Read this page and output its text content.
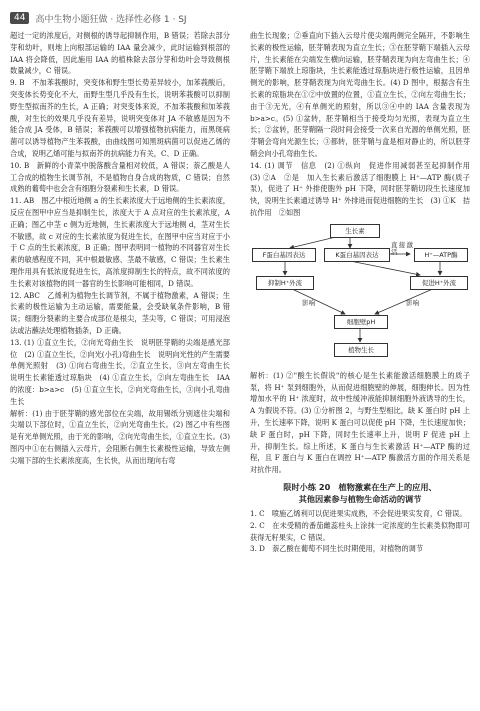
44	高中生物小题狂做 · 选择性必修 1 · SJ

超过一定的浓度后，对侧根的诱导起抑制作用，B 错误；若除去部分芽和幼叶，则地上向根部运输的 IAA 量会减少，此时运输到根部的 IAA 将会降低，因此施用 IAA 的植株除去部分芽和幼叶会导致侧根数量减少，C 错误。

9. B　不加苯莪酸时，突变体和野生型长势差异较小，加苯莪酸后，突变体长势变化不大，而野生型几乎没有生长，说明苯莪酸可以抑制野生型拟南芥的生长，A 正确；对突变体来说，不加苯莪酸和加苯莪酸，对生长的效果几乎没有差异，说明突变体对 JA 不敏感是因为不能合成 JA 受体，B 错误；苯莪酸可以增强植物抗病能力，而黑斑病菌可以诱导植物产生苯莪酸，由曲线图可知黑斑病菌可以促进乙烯的合成，说明乙烯可能与拟南芥的抗病能力有关，C、D 正确。

10. B　新鲜的小青菜中脱落酸含量相对较低，A 错误；萘乙酸是人工合成的植物生长调节剂，不是植物自身合成的物质，C 错误；自然成熟的葡萄中也会含有细胞分裂素和生长素，D 错误。

11. AB　图乙中根近地侧 a 的生长素浓度大于远地侧的生长素浓度，反应在图甲中应当是抑制生长，浓度大于 A 点对应的生长素浓度，A 正确；图乙中茎 c 侧为近地侧，生长素浓度大于远地侧 d，茎对生长不敏感，故 c 对应的生长素浓度为促进生长，在图甲中应当对应于小于 C 点的生长素浓度，B 正确；图甲表明同一植物的不同器官对生长素的敏感程度不同，其中根最敏感、茎最不敏感，C 错误；生长素生理作用具有低浓度促进生长，高浓度抑制生长的特点，故不同浓度的生长素对该植物的同一器官的生长影响可能相同，D 错误。

12. ABC　乙烯利为植物生长调节剂，不属于植物激素，A 错误；生长素的极性运输为主动运输，需要能量，会受缺氧条件影响，B 错误；细胞分裂素的主要合成部位是根尖，茎尖等，C 错误；可用浸泡法或沾蘸法处理植物插条，D 正确。

13. (1) ①直立生长，②向光弯曲生长　说明胚芽鞘的尖端是感光部位　(2) ①直立生长，②向光(小孔)弯曲生长　说明向光性的产生需要单侧光照射　(3) ①向右弯曲生长，②直立生长，③向左弯曲生长　说明生长素能透过琼脂块　(4) ①直立生长，②向左弯曲生长　IAA 的浓度：b>a>c　(5) ①直立生长，②向光弯曲生长，③向小孔弯曲生长

解析：(1) 由于胚芽鞘的感光部位在尖端，故用锡纸分别遮住尖端和尖端以下部位时，①直立生长，②向光弯曲生长。(2) 图乙中有些图是有光单侧光照，由于光的影响，②向光弯曲生长，①直立生长。(3) 图丙中①在右侧插入云母片，会阻断右侧生长素极性运输，导致左侧尖端下部的生长素浓度高，生长快，从而出现向右弯

曲生长现象；②垂直向下插入云母片使尖端两侧完全隔开，不影响生长素的极性运输，胚芽鞘表现为直立生长；③在胚芽鞘下端插入云母片，生长素能在尖端发生横向运输，胚芽鞘表现为向左弯曲生长；④胚芽鞘下端放上琼脂块，生长素能透过琼脂块进行极性运输，且因单侧光的影响，胚芽鞘表现为向光弯曲生长。(4) D 图中，根据含有生长素的琼脂块在①②中放置的位置，①直立生长，②向左弯曲生长；由于③无光，④有单侧光的照射，所以③④中的 IAA 含量表现为 b>a>c。(5) ①盆转，胚芽鞘相当于接受均匀光照，表现为直立生长；②盆转，胚芽鞘隔一段时间会接受一次来自光源的单侧光照，胚芽鞘会弯向光源生长；③都转，胚芽鞘与盒是相对静止的，所以胚芽鞘会向小孔弯曲生长。

14. (1) 调节　信息　(2) ①纵向　促进作用减弱甚至起抑制作用　(3) ②A　②是　加入生长素后激活了细胞膜上 H⁺—ATP 酶(质子泵)，促进了 H⁺ 外排使胞外 pH 下降，同时胚芽鞘切段生长速度加快，说明生长素通过诱导 H⁺ 外排进而促进细胞的生长　(3) ①K　拮抗作用　②如图

生长素
F蛋白基因表达	K蛋白基因表达
直接激活	H⁺—ATP酶
抑制H⁺外流	促进H⁺外流
影响	影响
细胞壁pH
植物生长

解析：(1) ②"酸生长假说"的核心是生长素能激活细胞膜上的质子泵，将 H⁺ 泵到细胞外，从而促进细胞壁的伸展，细胞伸长。因为性增加水平的 H⁺ 浓度时，故中性缓冲液能抑制细胞外液诱导的生长，A 为假说不符。(3) ①分析图 2，与野生型相比，缺 K 蛋白时 pH 上升，生长速率下降，说明 K 蛋白可以促使 pH 下降，生长速度加快；缺 F 蛋白时，pH 下降，同时生长速率上升，说明 F 促进 pH 上升，抑制生长。综上所述，K 蛋白与生长素激活 H⁺—ATP 酶的过程，且 F 蛋白与 K 蛋白在调控 H⁺—ATP 酶激活方面的作用关系是对抗作用。

限时小练 20　植物激素在生产上的应用、
其他因素参与植物生命活动的调节

1. C　喷施乙烯利可以促进果实成熟，不会促进果实发育，C 错误。

2. C　在未受精的番茄雌蕊柱头上涂抹一定浓度的生长素类似物即可获得无籽果实，C 错误。

3. D　萘乙酸在葡萄不同生长时期使用，对植物的调节
